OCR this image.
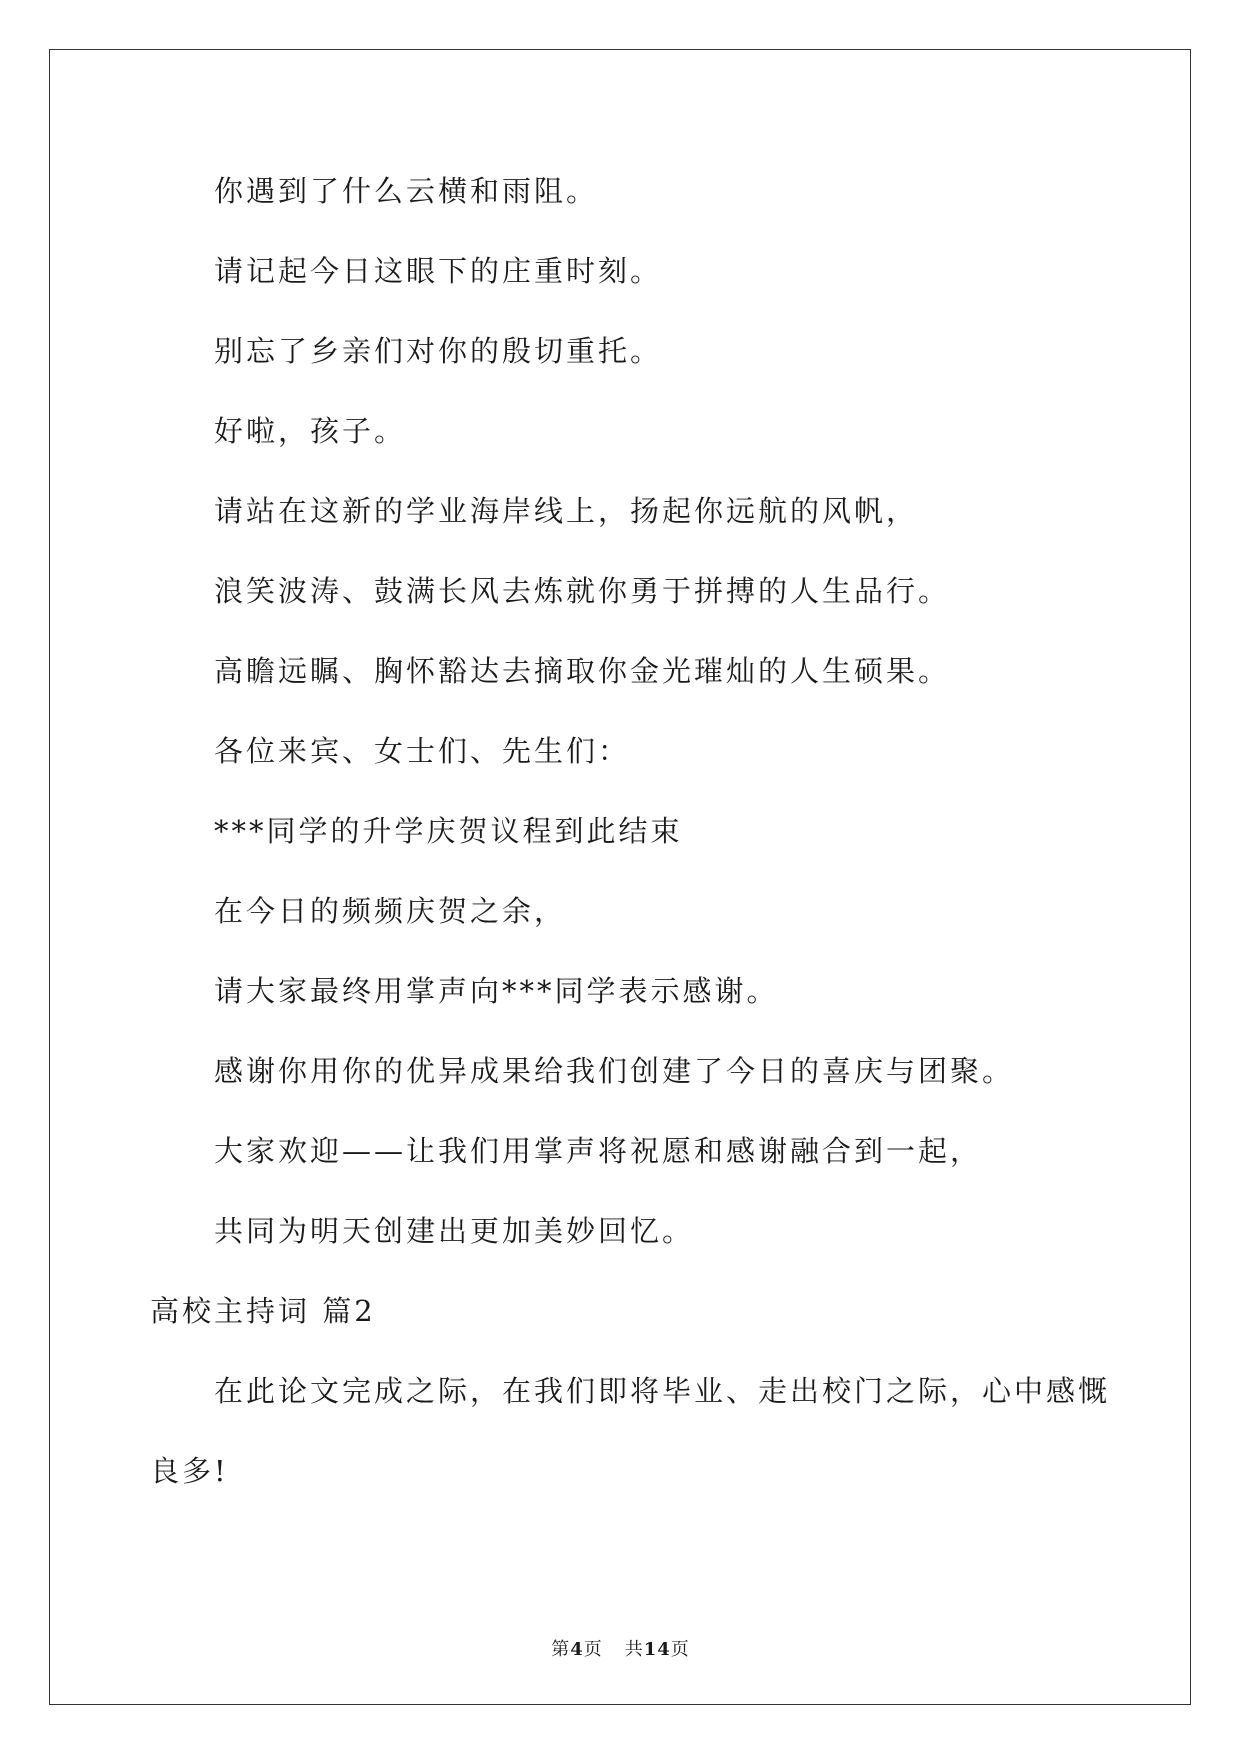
你遇到了什么云横和雨阻。
请记起今日这眼下的庄重时刻。
别忘了乡亲们对你的殷切重托。
好啦，孩子。
请站在这新的学业海岸线上，扬起你远航的风帆，
浪笑波涛、鼓满长风去炼就你勇于拼搏的人生品行。
高瞻远瞩、胸怀豁达去摘取你金光璀灿的人生硕果。
各位来宾、女士们、先生们：
***同学的升学庆贺议程到此结束
在今日的频频庆贺之余，
请大家最终用掌声向***同学表示感谢。
感谢你用你的优异成果给我们创建了今日的喜庆与团聚。
大家欢迎——让我们用掌声将祝愿和感谢融合到一起，
共同为明天创建出更加美妙回忆。
高校主持词 篇2
在此论文完成之际，在我们即将毕业、走出校门之际，心中感慨
良多!
第4页 共14页
